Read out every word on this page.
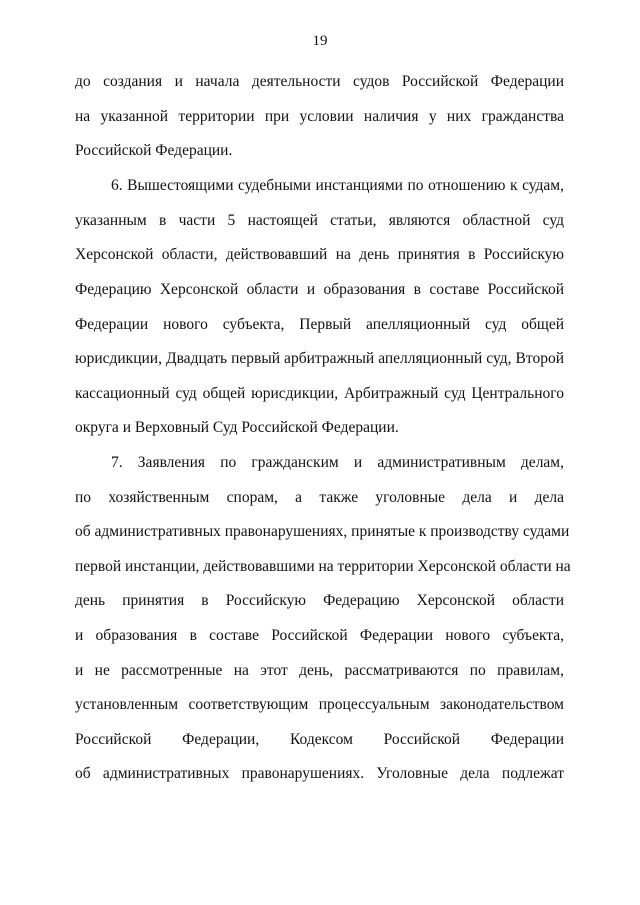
19
до создания и начала деятельности судов Российской Федерации
на указанной территории при условии наличия у них гражданства
Российской Федерации.
6. Вышестоящими судебными инстанциями по отношению к судам,
указанным в части 5 настоящей статьи, являются областной суд
Херсонской области, действовавший на день принятия в Российскую
Федерацию Херсонской области и образования в составе Российской
Федерации нового субъекта, Первый апелляционный суд общей
юрисдикции, Двадцать первый арбитражный апелляционный суд, Второй
кассационный суд общей юрисдикции, Арбитражный суд Центрального
округа и Верховный Суд Российской Федерации.
7. Заявления по гражданским и административным делам,
по хозяйственным спорам, а также уголовные дела и дела
об административных правонарушениях, принятые к производству судами
первой инстанции, действовавшими на территории Херсонской области на
день принятия в Российскую Федерацию Херсонской области
и образования в составе Российской Федерации нового субъекта,
и не рассмотренные на этот день, рассматриваются по правилам,
установленным соответствующим процессуальным законодательством
Российской Федерации, Кодексом Российской Федерации
об административных правонарушениях. Уголовные дела подлежат
